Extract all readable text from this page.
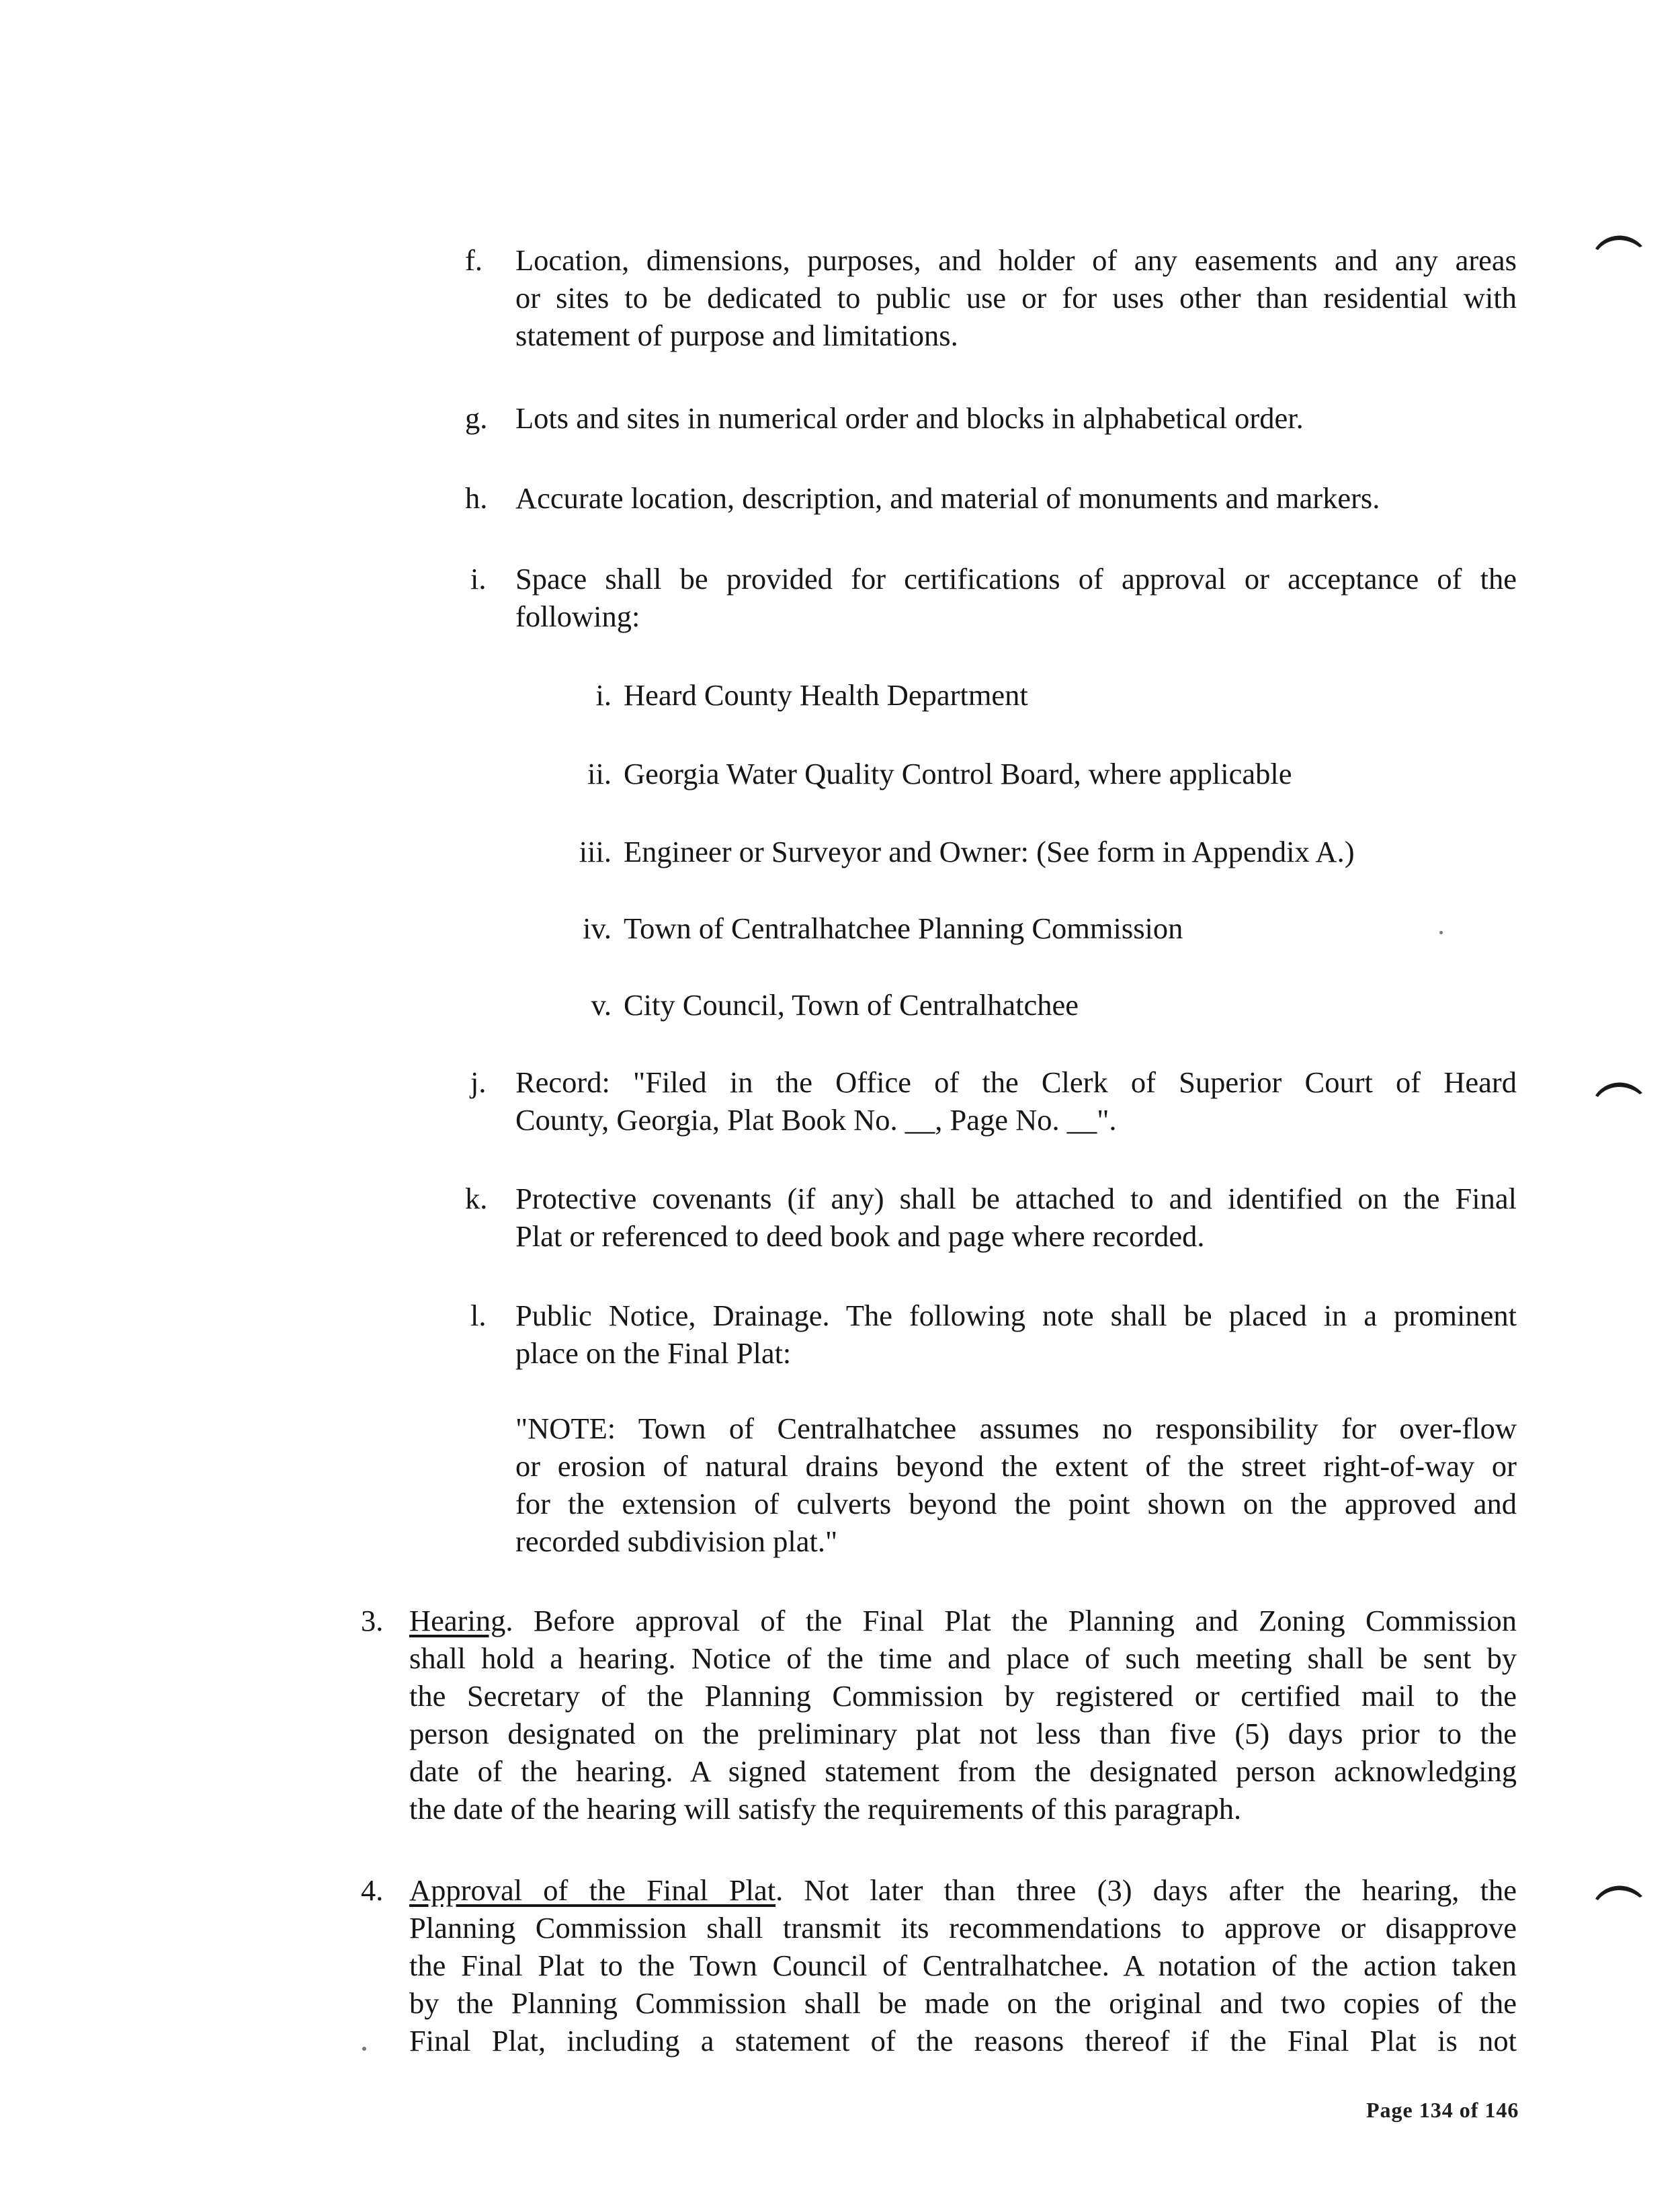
f. Location, dimensions, purposes, and holder of any easements and any areas
or sites to be dedicated to public use or for uses other than residential with
statement of purpose and limitations.
g. Lots and sites in numerical order and blocks in alphabetical order.
h. Accurate location, description, and material of monuments and markers.
i. Space shall be provided for certifications of approval or acceptance of the
following:
i. Heard County Health Department
ii. Georgia Water Quality Control Board, where applicable
iii. Engineer or Surveyor and Owner: (See form in Appendix A.)
iv. Town of Centralhatchee Planning Commission
v. City Council, Town of Centralhatchee
j. Record: "Filed in the Office of the Clerk of Superior Court of Heard
County, Georgia, Plat Book No. __, Page No. __".
k. Protective covenants (if any) shall be attached to and identified on the Final
Plat or referenced to deed book and page where recorded.
l. Public Notice, Drainage. The following note shall be placed in a prominent
place on the Final Plat:
"NOTE: Town of Centralhatchee assumes no responsibility for over-flow
or erosion of natural drains beyond the extent of the street right-of-way or
for the extension of culverts beyond the point shown on the approved and
recorded subdivision plat."
3. Hearing. Before approval of the Final Plat the Planning and Zoning Commission
shall hold a hearing. Notice of the time and place of such meeting shall be sent by
the Secretary of the Planning Commission by registered or certified mail to the
person designated on the preliminary plat not less than five (5) days prior to the
date of the hearing. A signed statement from the designated person acknowledging
the date of the hearing will satisfy the requirements of this paragraph.
4. Approval of the Final Plat. Not later than three (3) days after the hearing, the
Planning Commission shall transmit its recommendations to approve or disapprove
the Final Plat to the Town Council of Centralhatchee. A notation of the action taken
by the Planning Commission shall be made on the original and two copies of the
Final Plat, including a statement of the reasons thereof if the Final Plat is not
Page 134 of 146
